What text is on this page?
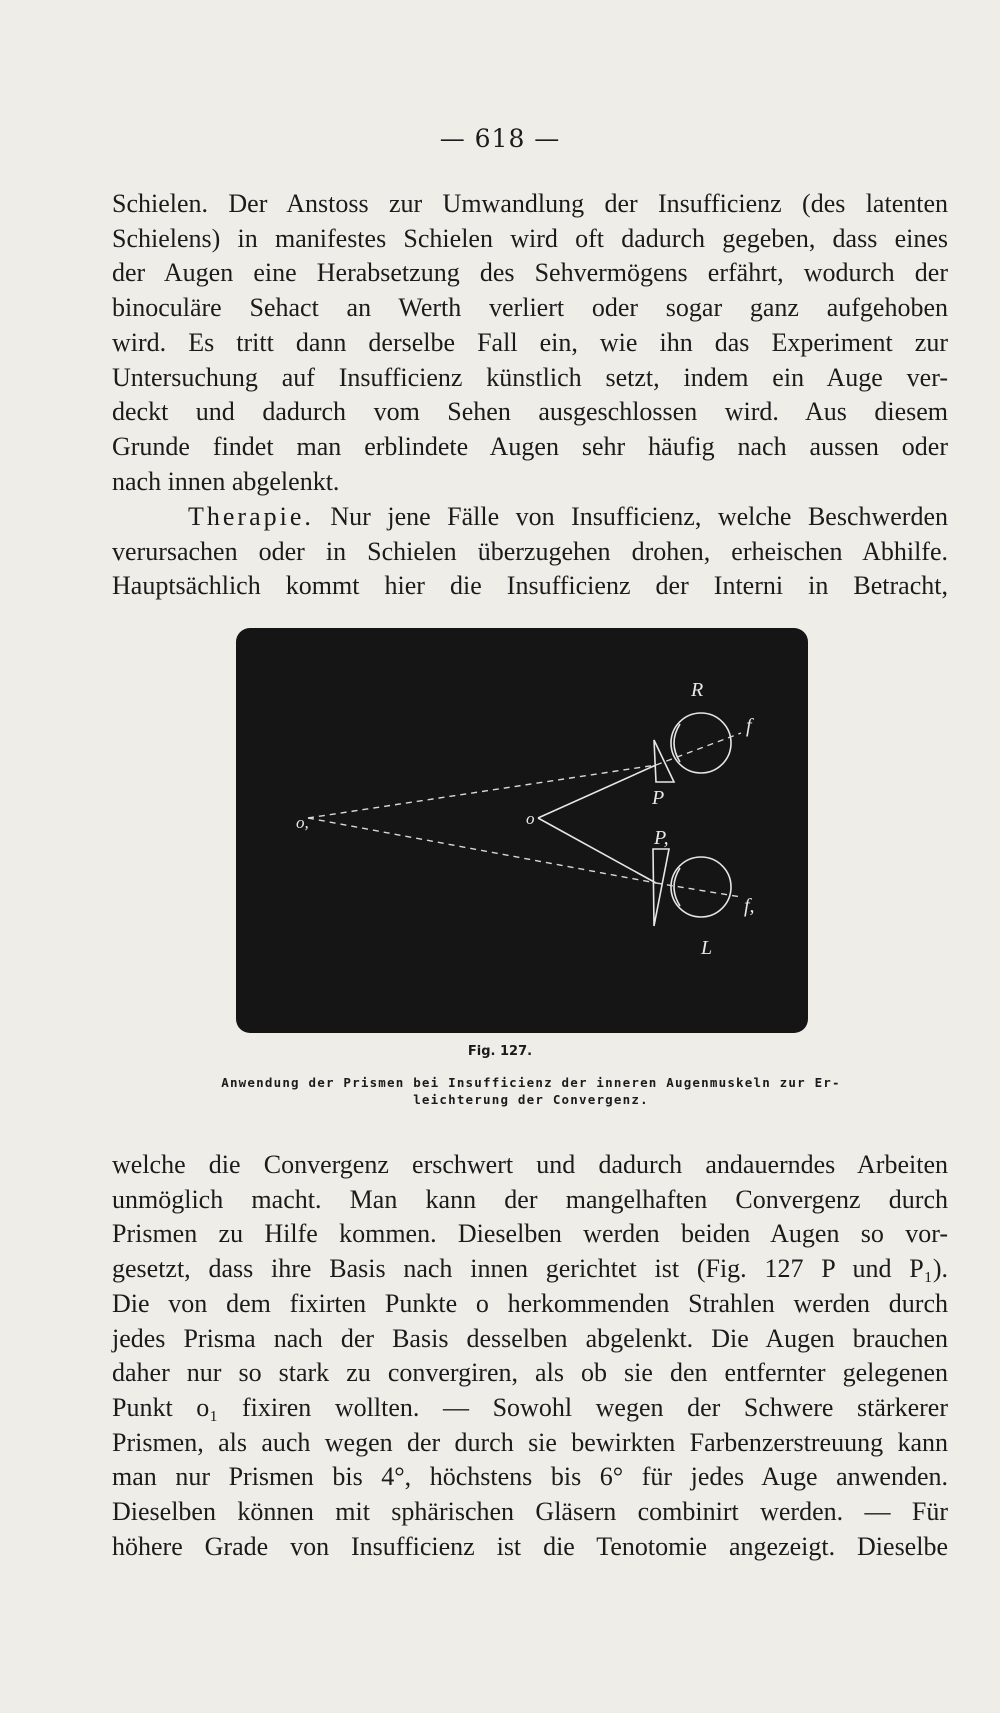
— 618 —

Schielen. Der Anstoss zur Umwandlung der Insufficienz (des latenten
Schielens) in manifestes Schielen wird oft dadurch gegeben, dass eines
der Augen eine Herabsetzung des Sehvermögens erfährt, wodurch der
binoculäre Sehact an Werth verliert oder sogar ganz aufgehoben
wird. Es tritt dann derselbe Fall ein, wie ihn das Experiment zur
Untersuchung auf Insufficienz künstlich setzt, indem ein Auge ver-
deckt und dadurch vom Sehen ausgeschlossen wird. Aus diesem
Grunde findet man erblindete Augen sehr häufig nach aussen oder
nach innen abgelenkt.

Therapie. Nur jene Fälle von Insufficienz, welche Beschwerden
verursachen oder in Schielen überzugehen drohen, erheischen Abhilfe.
Hauptsächlich kommt hier die Insufficienz der Interni in Betracht,

R
f
P
o,	o
P,
f,
L
Fig. 127.
Anwendung der Prismen bei Insufficienz der inneren Augenmuskeln zur Er-
leichterung der Convergenz.

welche die Convergenz erschwert und dadurch andauerndes Arbeiten
unmöglich macht. Man kann der mangelhaften Convergenz durch
Prismen zu Hilfe kommen. Dieselben werden beiden Augen so vor-
gesetzt, dass ihre Basis nach innen gerichtet ist (Fig. 127 P und P₁).
Die von dem fixirten Punkte o herkommenden Strahlen werden durch
jedes Prisma nach der Basis desselben abgelenkt. Die Augen brauchen
daher nur so stark zu convergiren, als ob sie den entfernter gelegenen
Punkt o₁ fixiren wollten. — Sowohl wegen der Schwere stärkerer
Prismen, als auch wegen der durch sie bewirkten Farbenzerstreuung kann
man nur Prismen bis 4°, höchstens bis 6° für jedes Auge anwenden.
Dieselben können mit sphärischen Gläsern combinirt werden. — Für
höhere Grade von Insufficienz ist die Tenotomie angezeigt. Dieselbe
